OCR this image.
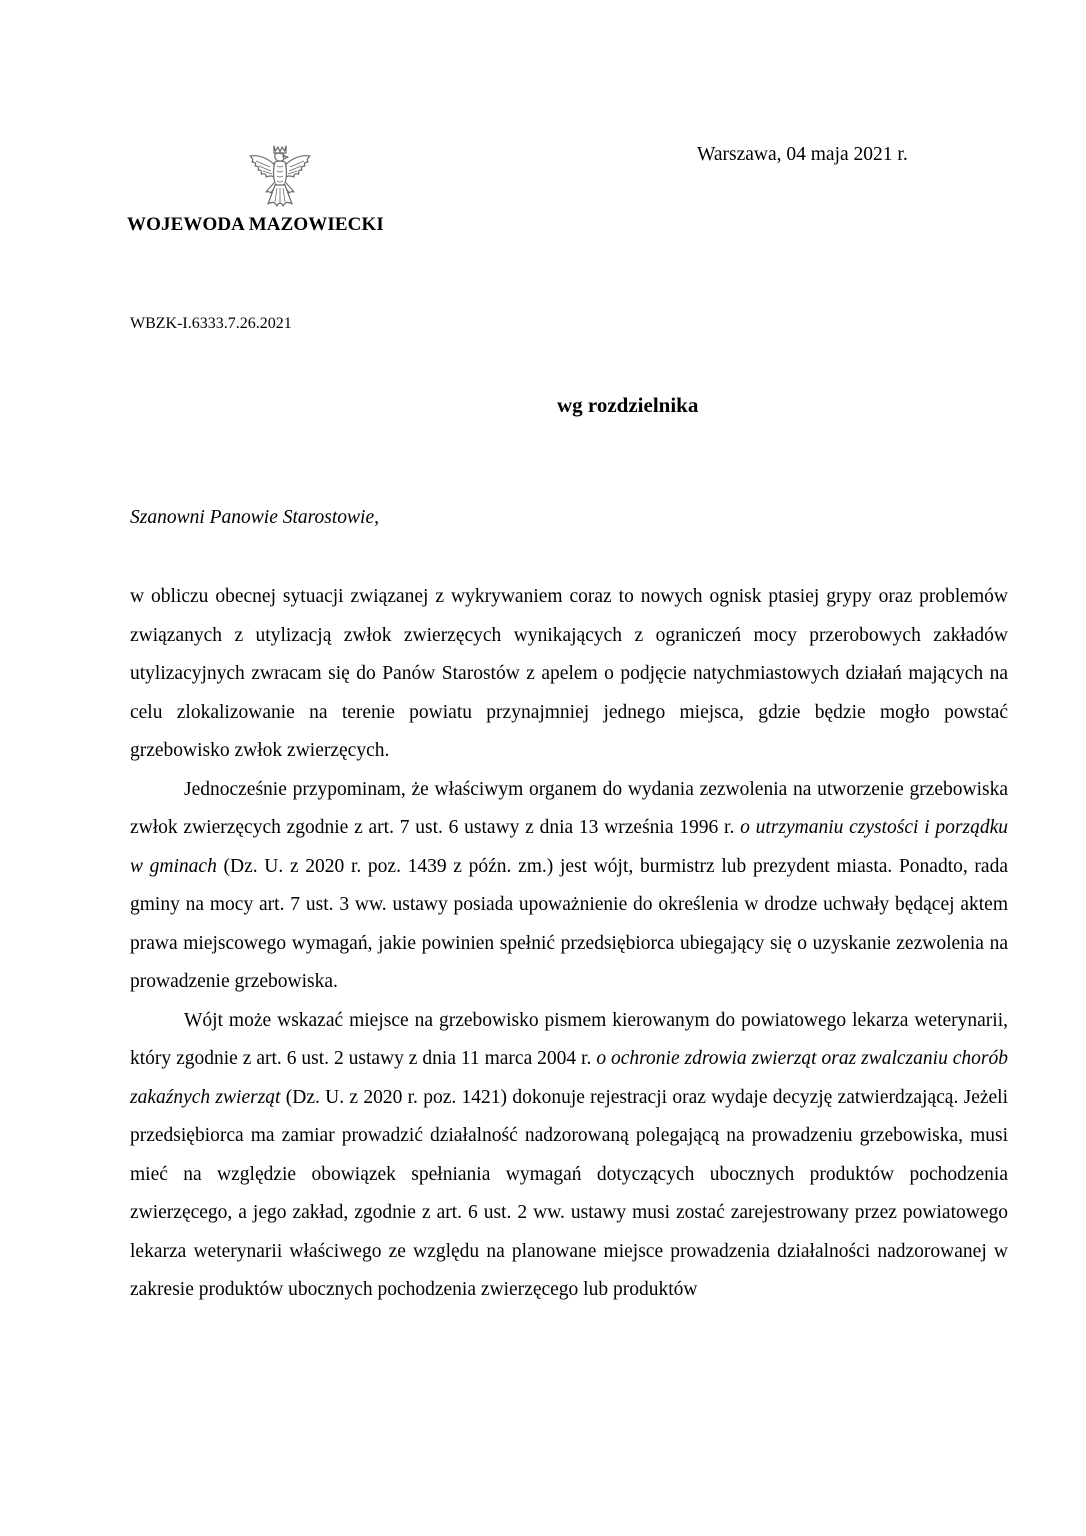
WOJEWODA MAZOWIECKI
Warszawa, 04 maja 2021 r.
WBZK-I.6333.7.26.2021
wg rozdzielnika
Szanowni Panowie Starostowie,

w obliczu obecnej sytuacji związanej z wykrywaniem coraz to nowych ognisk ptasiej grypy oraz problemów związanych z utylizacją zwłok zwierzęcych wynikających z ograniczeń mocy przerobowych zakładów utylizacyjnych zwracam się do Panów Starostów z apelem o podjęcie natychmiastowych działań mających na celu zlokalizowanie na terenie powiatu przynajmniej jednego miejsca, gdzie będzie mogło powstać grzebowisko zwłok zwierzęcych.

Jednocześnie przypominam, że właściwym organem do wydania zezwolenia na utworzenie grzebowiska zwłok zwierzęcych zgodnie z art. 7 ust. 6 ustawy z dnia 13 września 1996 r. o utrzymaniu czystości i porządku w gminach (Dz. U. z 2020 r. poz. 1439 z późn. zm.) jest wójt, burmistrz lub prezydent miasta. Ponadto, rada gminy na mocy art. 7 ust. 3 ww. ustawy posiada upoważnienie do określenia w drodze uchwały będącej aktem prawa miejscowego wymagań, jakie powinien spełnić przedsiębiorca ubiegający się o uzyskanie zezwolenia na prowadzenie grzebowiska.

Wójt może wskazać miejsce na grzebowisko pismem kierowanym do powiatowego lekarza weterynarii, który zgodnie z art. 6 ust. 2 ustawy z dnia 11 marca 2004 r. o ochronie zdrowia zwierząt oraz zwalczaniu chorób zakaźnych zwierząt (Dz. U. z 2020 r. poz. 1421) dokonuje rejestracji oraz wydaje decyzję zatwierdzającą. Jeżeli przedsiębiorca ma zamiar prowadzić działalność nadzorowaną polegającą na prowadzeniu grzebowiska, musi mieć na względzie obowiązek spełniania wymagań dotyczących ubocznych produktów pochodzenia zwierzęcego, a jego zakład, zgodnie z art. 6 ust. 2 ww. ustawy musi zostać zarejestrowany przez powiatowego lekarza weterynarii właściwego ze względu na planowane miejsce prowadzenia działalności nadzorowanej w zakresie produktów ubocznych pochodzenia zwierzęcego lub produktów
